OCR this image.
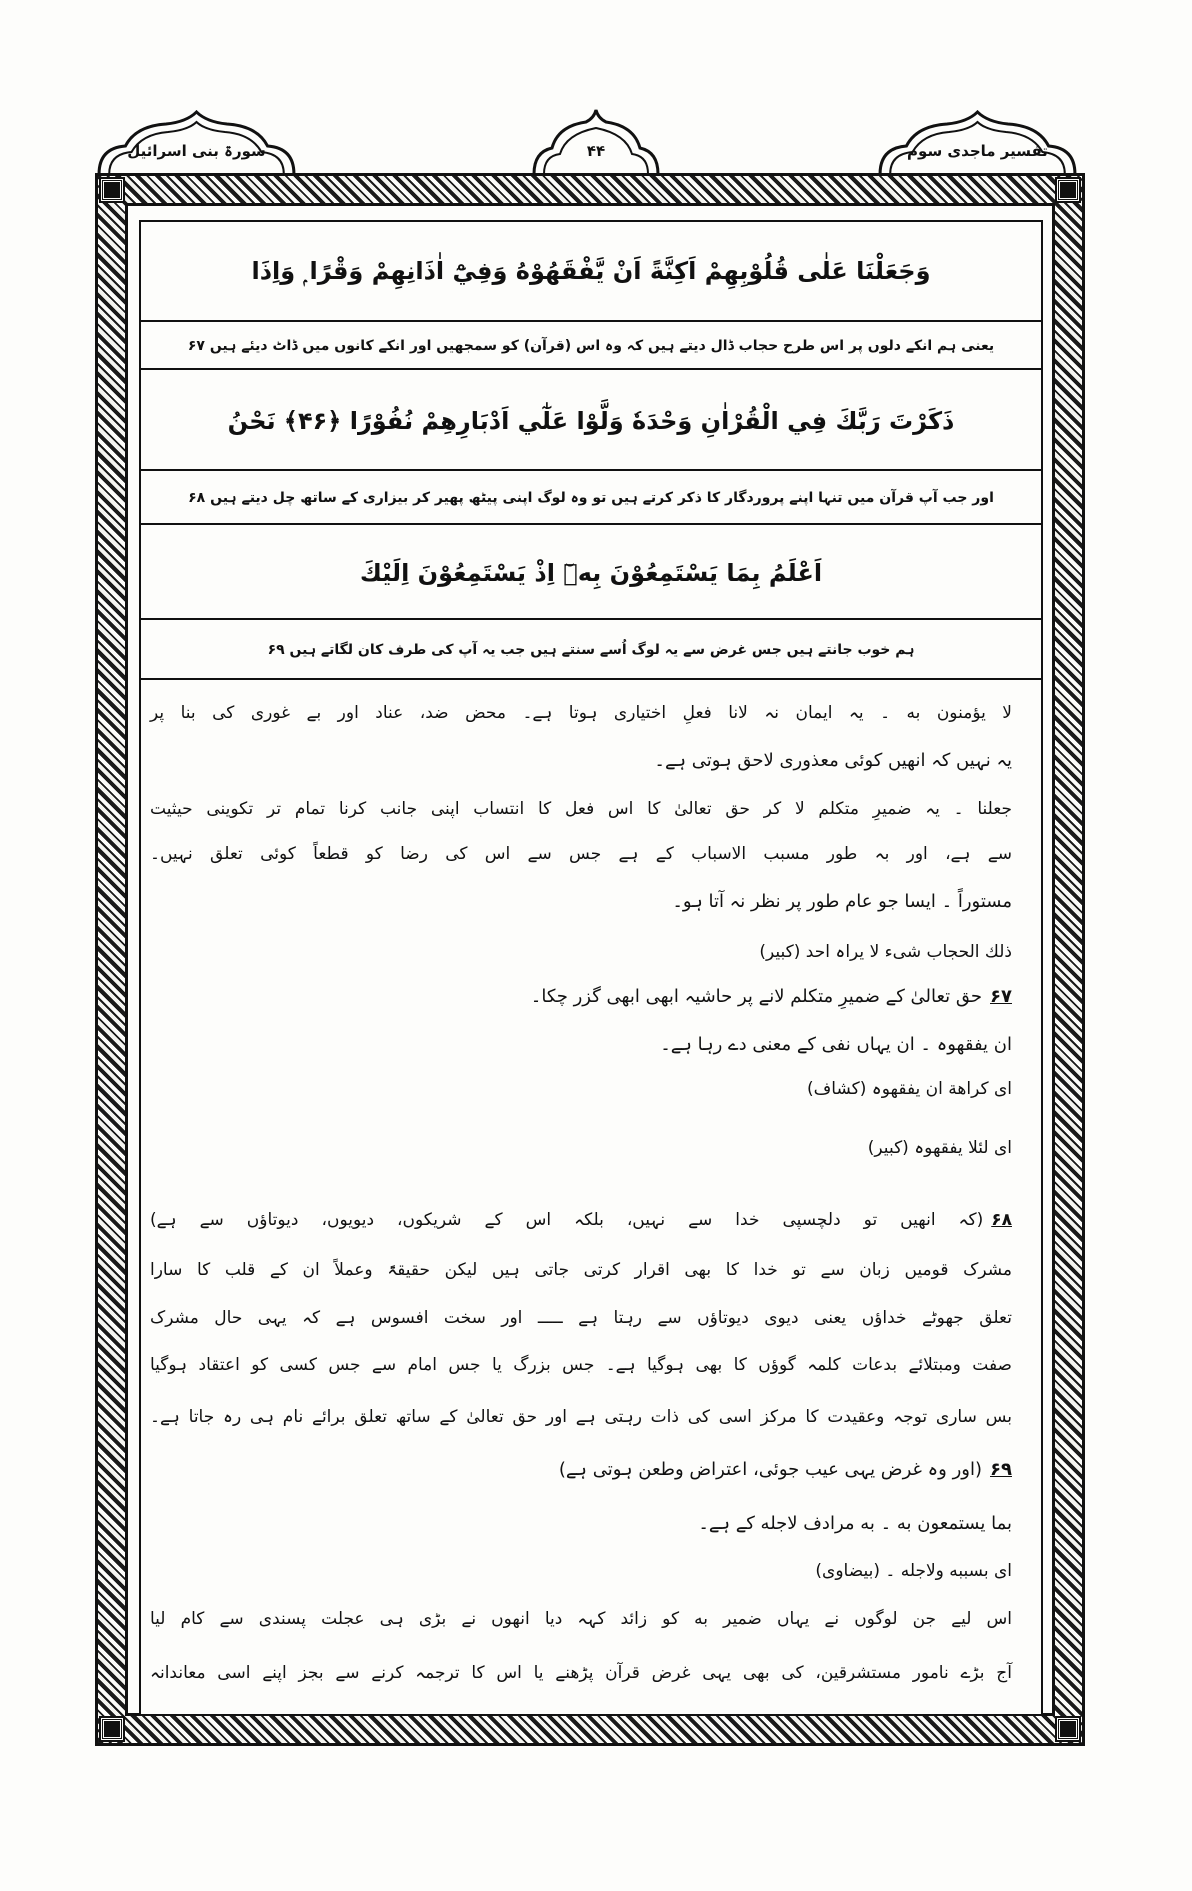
سورۃ بنی اسرائیل	۴۴	تفسیر ماجدی سوم
وَجَعَلْنَا عَلٰى قُلُوْبِهِمْ اَكِنَّةً اَنْ يَّفْقَهُوْهُ وَفِيْٓ اٰذَانِهِمْ وَقْرًا ۭ وَاِذَا
یعنی ہم انکے دلوں پر اس طرح حجاب ڈال دیتے ہیں کہ وہ اس (قرآن) کو سمجھیں اور انکے کانوں میں ڈاٹ دیئے ہیں ۶۷
ذَكَرْتَ رَبَّكَ فِي الْقُرْاٰنِ وَحْدَهٗ وَلَّوْا عَلٰٓي اَدْبَارِهِمْ نُفُوْرًا ﴿۴۶﴾ نَحْنُ
اور جب آپ قرآن میں تنہا اپنے پروردگار کا ذکر کرتے ہیں تو وہ لوگ اپنی پیٹھ پھیر کر بیزاری کے ساتھ چل دیتے ہیں ۶۸
اَعْلَمُ بِمَا يَسْتَمِعُوْنَ بِهٖٓ اِذْ يَسْتَمِعُوْنَ اِلَيْكَ
ہم خوب جانتے ہیں جس غرض سے یہ لوگ اُسے سنتے ہیں جب یہ آپ کی طرف کان لگاتے ہیں ۶۹
لا یؤمنون به ۔ یہ ایمان نہ لانا فعلِ اختیاری ہوتا ہے۔ محض ضد، عناد اور بے غوری کی بنا پر
یہ نہیں کہ انھیں کوئی معذوری لاحق ہوتی ہے۔
جعلنا ۔ یہ ضمیرِ متکلم لا کر حق تعالیٰ کا اس فعل کا انتساب اپنی جانب کرنا تمام تر تکوینی حیثیت
سے ہے، اور بہ طور مسبب الاسباب کے ہے جس سے اس کی رضا کو قطعاً کوئی تعلق نہیں۔
مستوراً ۔ ایسا جو عام طور پر نظر نہ آتا ہو۔
ذلك الحجاب شیء لا یراہ احد (کبیر)
۶۷حق تعالیٰ کے ضمیرِ متکلم لانے پر حاشیہ ابھی ابھی گزر چکا۔
ان یفقھوہ ۔ ان یہاں نفی کے معنی دے رہا ہے۔
ای کراھة ان یفقھوہ (کشاف)
ای لئلا یفقھوہ (کبیر)
۶۸(کہ انھیں تو دلچسپی خدا سے نہیں، بلکہ اس کے شریکوں، دیویوں، دیوتاؤں سے ہے)
مشرک قومیں زبان سے تو خدا کا بھی اقرار کرتی جاتی ہیں لیکن حقیقۃً وعملاً ان کے قلب کا سارا
تعلق جھوٹے خداؤں یعنی دیوی دیوتاؤں سے رہتا ہے ـــــ اور سخت افسوس ہے کہ یہی حال مشرک
صفت ومبتلائے بدعات کلمہ گوؤں کا بھی ہوگیا ہے۔ جس بزرگ یا جس امام سے جس کسی کو اعتقاد ہوگیا
بس ساری توجہ وعقیدت کا مرکز اسی کی ذات رہتی ہے اور حق تعالیٰ کے ساتھ تعلق برائے نام ہی رہ جاتا ہے۔
۶۹(اور وہ غرض یہی عیب جوئی، اعتراض وطعن ہوتی ہے)
بما یستمعون به ۔ به مرادف لاجله کے ہے۔
ای بسببه ولاجله ۔ (بیضاوی)
اس لیے جن لوگوں نے یہاں ضمیر به کو زائد کہہ دیا انھوں نے بڑی ہی عجلت پسندی سے کام لیا
آج بڑے نامور مستشرقین، کی بھی یہی غرض قرآن پڑھنے یا اس کا ترجمہ کرنے سے بجز اپنے اسی معاندانہ
